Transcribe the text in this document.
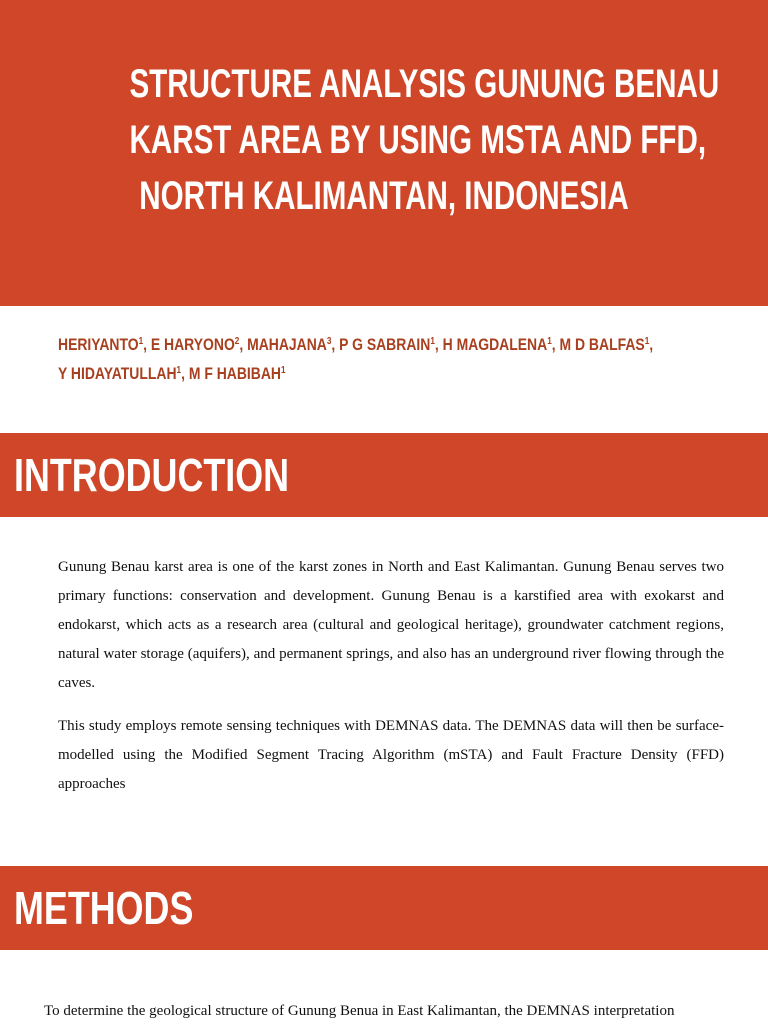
STRUCTURE ANALYSIS GUNUNG BENAU
KARST AREA BY USING MSTA AND FFD,
NORTH KALIMANTAN, INDONESIA
HERIYANTO$^1$, E HARYONO$^2$, MAHAJANA$^3$, P G SABRAIN$^1$, H MAGDALENA$^1$, M D BALFAS$^1$,
Y HIDAYATULLAH$^1$, M F HABIBAH$^1$
INTRODUCTION

Gunung Benau karst area is one of the karst zones in North and East Kalimantan. Gunung Benau serves two primary functions: conservation and development. Gunung Benau is a karstified area with exokarst and endokarst, which acts as a research area (cultural and geological heritage), groundwater catchment regions, natural water storage (aquifers), and permanent springs, and also has an underground river flowing through the caves.

This study employs remote sensing techniques with DEMNAS data. The DEMNAS data will then be surface-modelled using the Modified Segment Tracing Algorithm (mSTA) and Fault Fracture Density (FFD) approaches

METHODS

To determine the geological structure of Gunung Benua in East Kalimantan, the DEMNAS interpretation
